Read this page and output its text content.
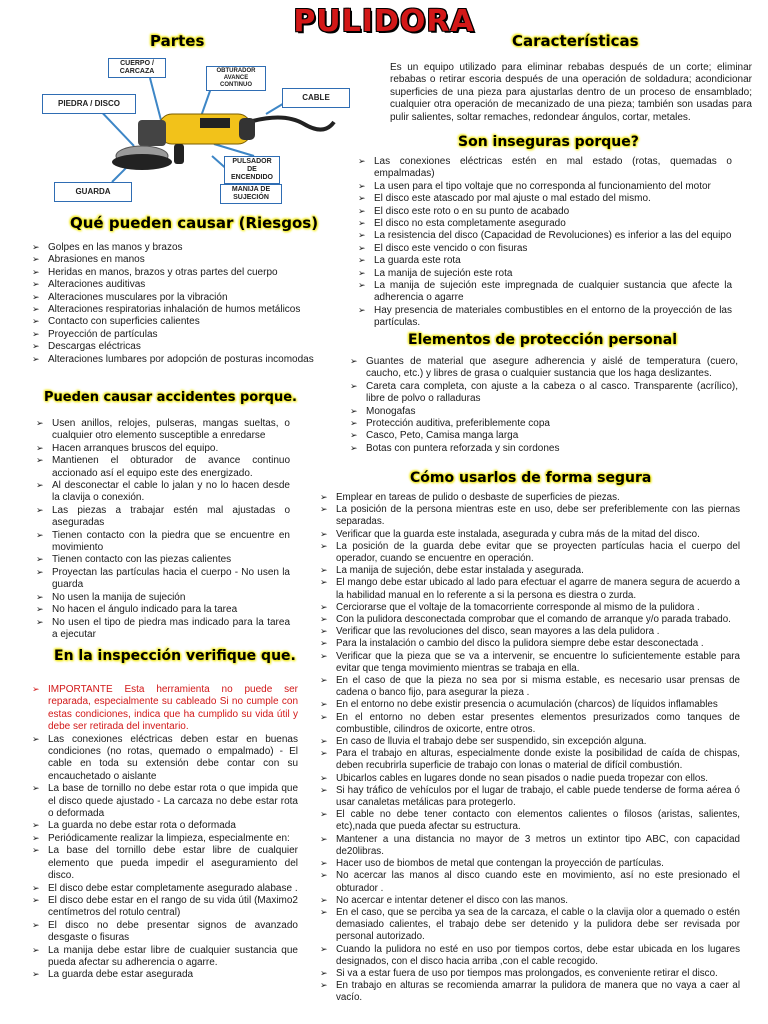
PULIDORA
Partes
CUERPO / CARCAZA	OBTURADOR AVANCE CONTINUO
CABLE
PIEDRA / DISCO
PULSADOR DE ENCENDIDO
GUARDA	MANIJA DE SUJECIÓN
Características
Es un equipo utilizado para eliminar rebabas después de un corte; eliminar rebabas o retirar escoria después de una operación de soldadura; acondicionar superficies de una pieza para ajustarlas dentro de un proceso de ensamblado; cualquier otra operación de mecanizado de una pieza; también son usadas para pulir salientes, soltar remaches, redondear ángulos, cortar, metales.
Qué pueden causar (Riesgos)
➢ Golpes en las manos y brazos
➢ Abrasiones en manos
➢ Heridas en manos, brazos y otras partes del cuerpo
➢ Alteraciones auditivas
➢ Alteraciones musculares por la vibración
➢ Alteraciones respiratorias inhalación de humos metálicos
➢ Contacto con superficies calientes
➢ Proyección de partículas
➢ Descargas eléctricas
➢ Alteraciones lumbares por adopción de posturas incomodas
Pueden causar accidentes porque.
➢ Usen anillos, relojes, pulseras, mangas sueltas, o cualquier otro elemento susceptible a enredarse
➢ Hacen arranques bruscos del equipo.
➢ Mantienen el obturador de avance continuo accionado así el equipo este des energizado.
➢ Al desconectar el cable lo jalan y no lo hacen desde la clavija o conexión.
➢ Las piezas a trabajar estén mal ajustadas o aseguradas
➢ Tienen contacto con la piedra que se encuentre en movimiento
➢ Tienen contacto con las piezas calientes
➢ Proyectan las partículas hacia el cuerpo - No usen la guarda
➢ No usen la manija de sujeción
➢ No hacen el ángulo indicado para la tarea
➢ No usen el tipo de piedra mas indicado para la tarea a ejecutar
En la inspección verifique que.
➢ IMPORTANTE Esta herramienta no puede ser reparada, especialmente su cableado Si no cumple con estas condiciones, indica que ha cumplido su vida útil y debe ser retirada del inventario.
➢ Las conexiones eléctricas deben estar en buenas condiciones (no rotas, quemado o empalmado) - El cable en toda su extensión debe contar con su encauchetado o aislante
➢ La base de tornillo no debe estar rota o que impida que el disco quede ajustado - La carcaza no debe estar rota o deformada
➢ La guarda no debe estar rota o deformada
➢ Periódicamente realizar la limpieza, especialmente en:
➢ La base del tornillo debe estar libre de cualquier elemento que pueda impedir el aseguramiento del disco.
➢ El disco debe estar completamente asegurado alabase .
➢ El disco debe estar en el rango de su vida útil (Maximo2 centímetros del rotulo central)
➢ El disco no debe presentar signos de avanzado desgaste o fisuras
➢ La manija debe estar libre de cualquier sustancia que pueda afectar su adherencia o agarre.
➢ La guarda debe estar asegurada
Son inseguras porque?
➢ Las conexiones eléctricas estén en mal estado (rotas, quemadas o empalmadas)
➢ La usen para el tipo voltaje que no corresponda al funcionamiento del motor
➢ El disco este atascado por mal ajuste o mal estado del mismo.
➢ El disco este roto o en su punto de acabado
➢ El disco no esta completamente asegurado
➢ La resistencia del disco (Capacidad de Revoluciones) es inferior a las del equipo
➢ El disco este vencido o con fisuras
➢ La guarda este rota
➢ La manija de sujeción este rota
➢ La manija de sujeción este impregnada de cualquier sustancia que afecte la adherencia o agarre
➢ Hay presencia de materiales combustibles en el entorno de la proyección de las partículas.
Elementos de protección personal
➢ Guantes de material que asegure adherencia y aislé de temperatura (cuero, caucho, etc.) y libres de grasa o cualquier sustancia que los haga deslizantes.
➢ Careta cara completa, con ajuste a la cabeza o al casco. Transparente (acrílico), libre de polvo o ralladuras
➢ Monogafas
➢ Protección auditiva, preferiblemente copa
➢ Casco, Peto, Camisa manga larga
➢ Botas con puntera reforzada y sin cordones
Cómo usarlos de forma segura
➢ Emplear en tareas de pulido o desbaste de superficies de piezas.
➢ La posición de la persona mientras este en uso, debe ser preferiblemente con las piernas separadas.
➢ Verificar que la guarda este instalada, asegurada y cubra más de la mitad del disco.
➢ La posición de la guarda debe evitar que se proyecten partículas hacia el cuerpo del operador, cuando se encuentre en operación.
➢ La manija de sujeción, debe estar instalada y asegurada.
➢ El mango debe estar ubicado al lado para efectuar el agarre de manera segura de acuerdo a la habilidad manual en lo referente a si la persona es diestra o zurda.
➢ Cerciorarse que el voltaje de la tomacorriente corresponde al mismo de la pulidora .
➢ Con la pulidora desconectada comprobar que el comando de arranque y/o parada trabado.
➢ Verificar que las revoluciones del disco, sean mayores a las dela pulidora .
➢ Para la instalación o cambio del disco la pulidora siempre debe estar desconectada .
➢ Verificar que la pieza que se va a intervenir, se encuentre lo suficientemente estable para evitar que tenga movimiento mientras se trabaja en ella.
➢ En el caso de que la pieza no sea por si misma estable, es necesario usar prensas de cadena o banco fijo, para asegurar la pieza .
➢ En el entorno no debe existir presencia o acumulación (charcos) de líquidos inflamables
➢ En el entorno no deben estar presentes elementos presurizados como tanques de combustible, cilindros de oxicorte, entre otros.
➢ En caso de lluvia el trabajo debe ser suspendido, sin excepción alguna.
➢ Para el trabajo en alturas, especialmente donde existe la posibilidad de caída de chispas, deben recubrirla superficie de trabajo con lonas o material de difícil combustión.
➢ Ubicarlos cables en lugares donde no sean pisados o nadie pueda tropezar con ellos.
➢ Si hay tráfico de vehículos por el lugar de trabajo, el cable puede tenderse de forma aérea ó usar canaletas metálicas para protegerlo.
➢ El cable no debe tener contacto con elementos calientes o filosos (aristas, salientes, etc),nada que pueda afectar su estructura.
➢ Mantener a una distancia no mayor de 3 metros un extintor tipo ABC, con capacidad de20libras.
➢ Hacer uso de biombos de metal que contengan la proyección de partículas.
➢ No acercar las manos al disco cuando este en movimiento, así no este presionado el obturador .
➢ No acercar e intentar detener el disco con las manos.
➢ En el caso, que se perciba ya sea de la carcaza, el cable o la clavija olor a quemado o estén demasiado calientes, el trabajo debe ser detenido y la pulidora debe ser revisada por personal autorizado.
➢ Cuando la pulidora no esté en uso por tiempos cortos, debe estar ubicada en los lugares designados, con el disco hacia arriba ,con el cable recogido.
➢ Si va a estar fuera de uso por tiempos mas prolongados, es conveniente retirar el disco.
➢ En trabajo en alturas se recomienda amarrar la pulidora de manera que no vaya a caer al vacío.
